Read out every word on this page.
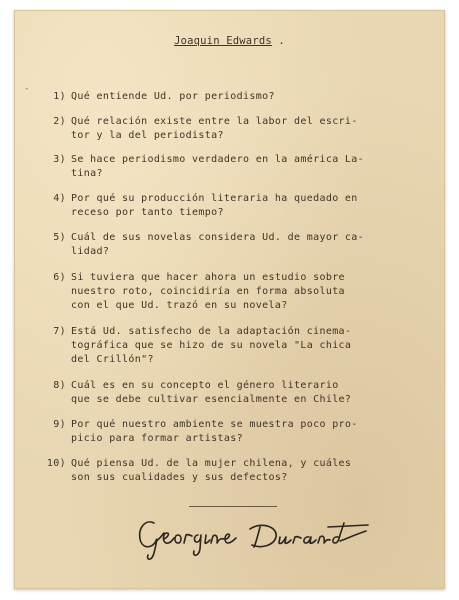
Joaquin Edwards .
-
1) Qué entiende Ud. por periodismo?
2) Qué relación existe entre la labor del escri-
tor y la del periodista?
3) Se hace periodismo verdadero en la américa La-
tina?
4) Por qué su producción literaria ha quedado en
receso por tanto tiempo?
5) Cuál de sus novelas considera Ud. de mayor ca-
lidad?
6) Si tuviera que hacer ahora un estudio sobre
nuestro roto, coincidiría en forma absoluta
con el que Ud. trazó en su novela?
7) Está Ud. satisfecho de la adaptación cinema-
tográfica que se hizo de su novela "La chica
del Crillón"?
8) Cuál es en su concepto el género literario
que se debe cultivar esencialmente en Chile?
9) Por qué nuestro ambiente se muestra poco pro-
picio para formar artistas?
10) Qué piensa Ud. de la mujer chilena, y cuáles
son sus cualidades y sus defectos?
